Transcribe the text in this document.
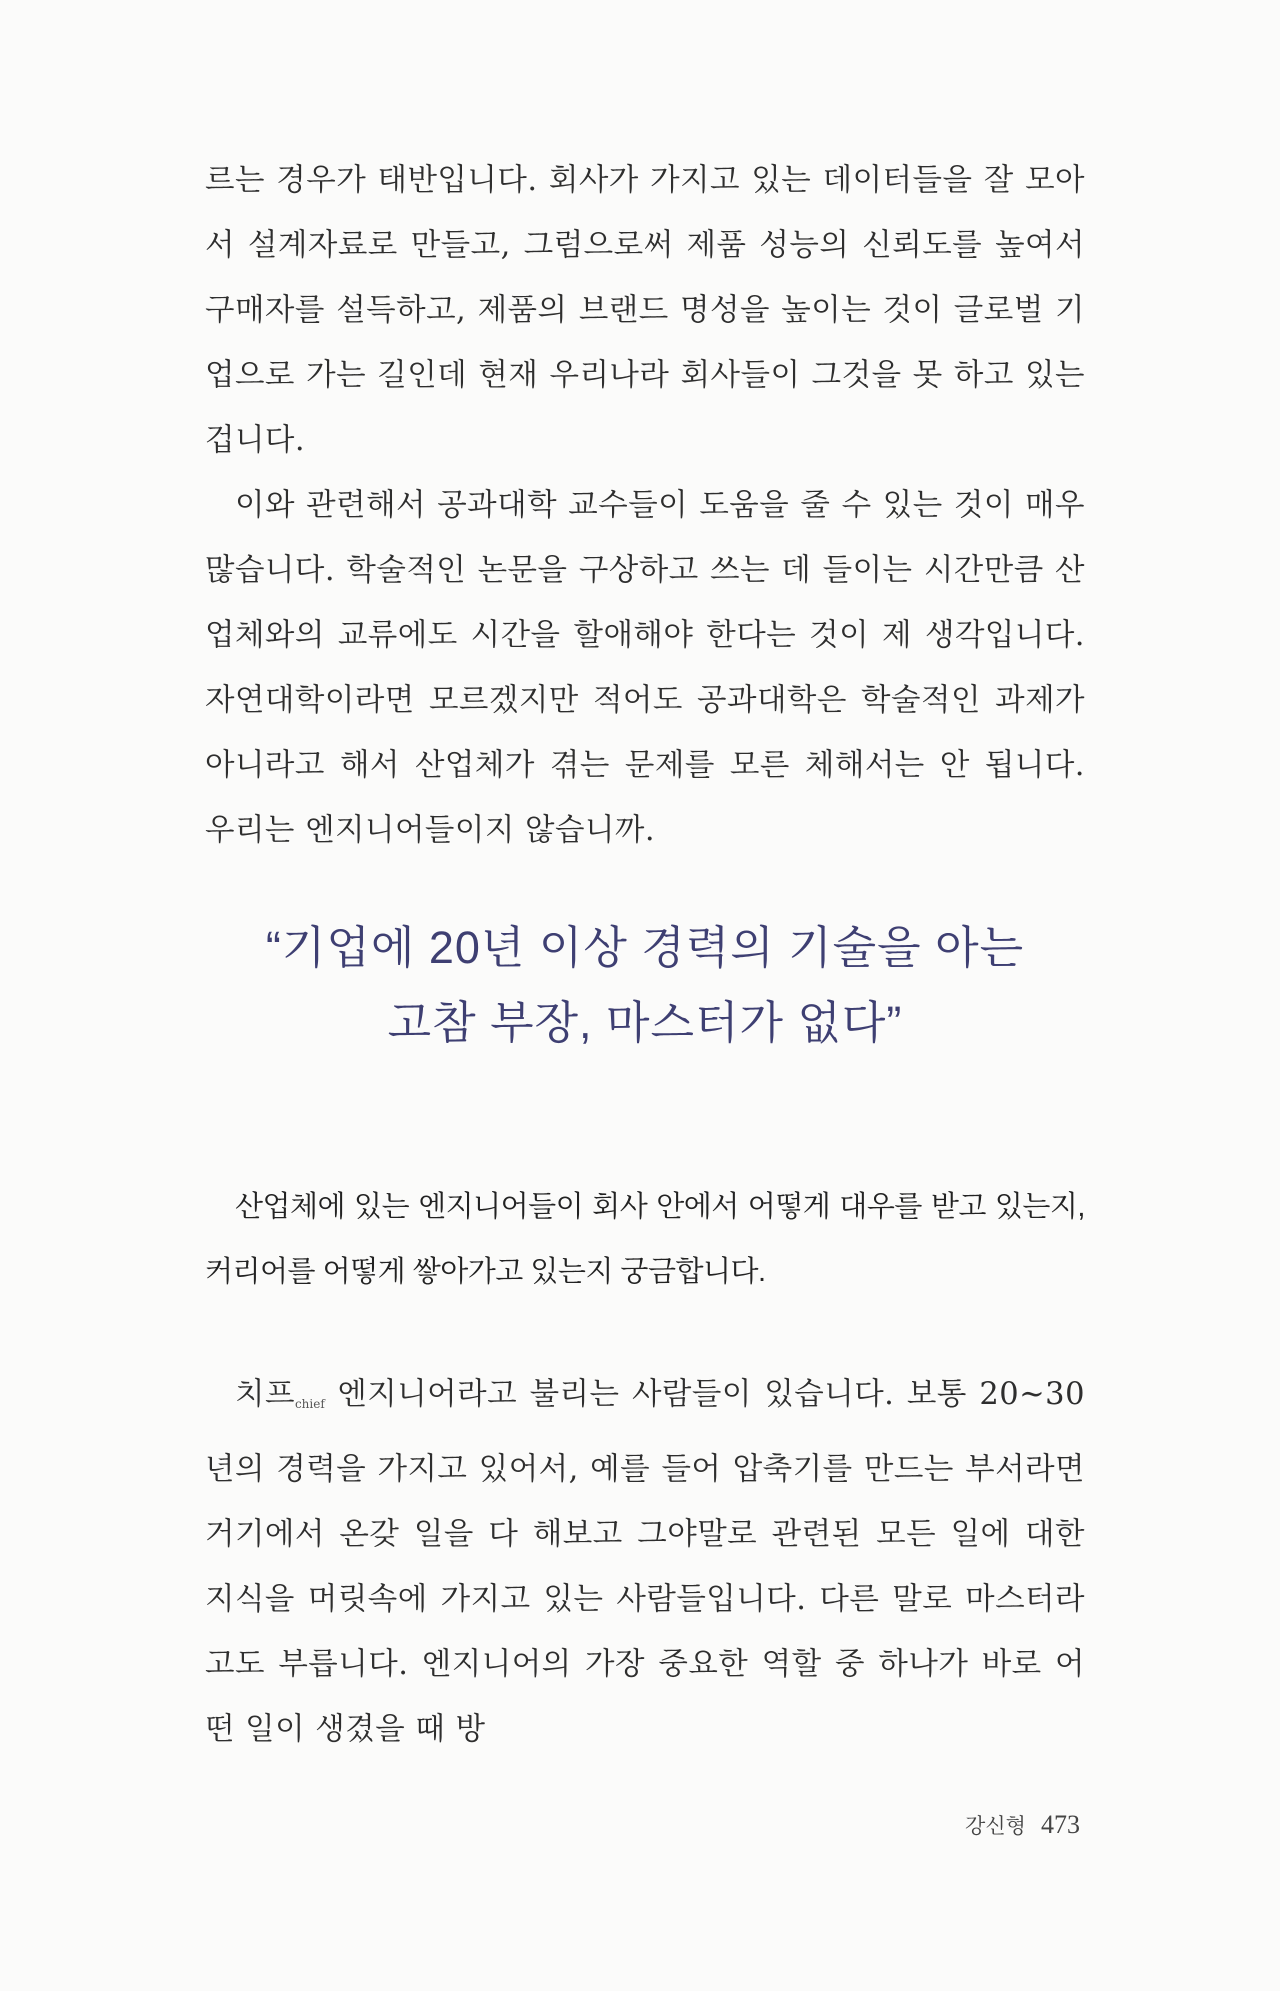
르는 경우가 태반입니다. 회사가 가지고 있는 데이터들을 잘 모아서 설계자료로 만들고, 그럼으로써 제품 성능의 신뢰도를 높여서 구매자를 설득하고, 제품의 브랜드 명성을 높이는 것이 글로벌 기업으로 가는 길인데 현재 우리나라 회사들이 그것을 못 하고 있는 겁니다.

이와 관련해서 공과대학 교수들이 도움을 줄 수 있는 것이 매우 많습니다. 학술적인 논문을 구상하고 쓰는 데 들이는 시간만큼 산업체와의 교류에도 시간을 할애해야 한다는 것이 제 생각입니다. 자연대학이라면 모르겠지만 적어도 공과대학은 학술적인 과제가 아니라고 해서 산업체가 겪는 문제를 모른 체해서는 안 됩니다. 우리는 엔지니어들이지 않습니까.

“기업에 20년 이상 경력의 기술을 아는
고참 부장, 마스터가 없다”

산업체에 있는 엔지니어들이 회사 안에서 어떻게 대우를 받고 있는지, 커리어를 어떻게 쌓아가고 있는지 궁금합니다.

치프chief 엔지니어라고 불리는 사람들이 있습니다. 보통 20~30년의 경력을 가지고 있어서, 예를 들어 압축기를 만드는 부서라면 거기에서 온갖 일을 다 해보고 그야말로 관련된 모든 일에 대한 지식을 머릿속에 가지고 있는 사람들입니다. 다른 말로 마스터라고도 부릅니다. 엔지니어의 가장 중요한 역할 중 하나가 바로 어떤 일이 생겼을 때 방

강신형 473
